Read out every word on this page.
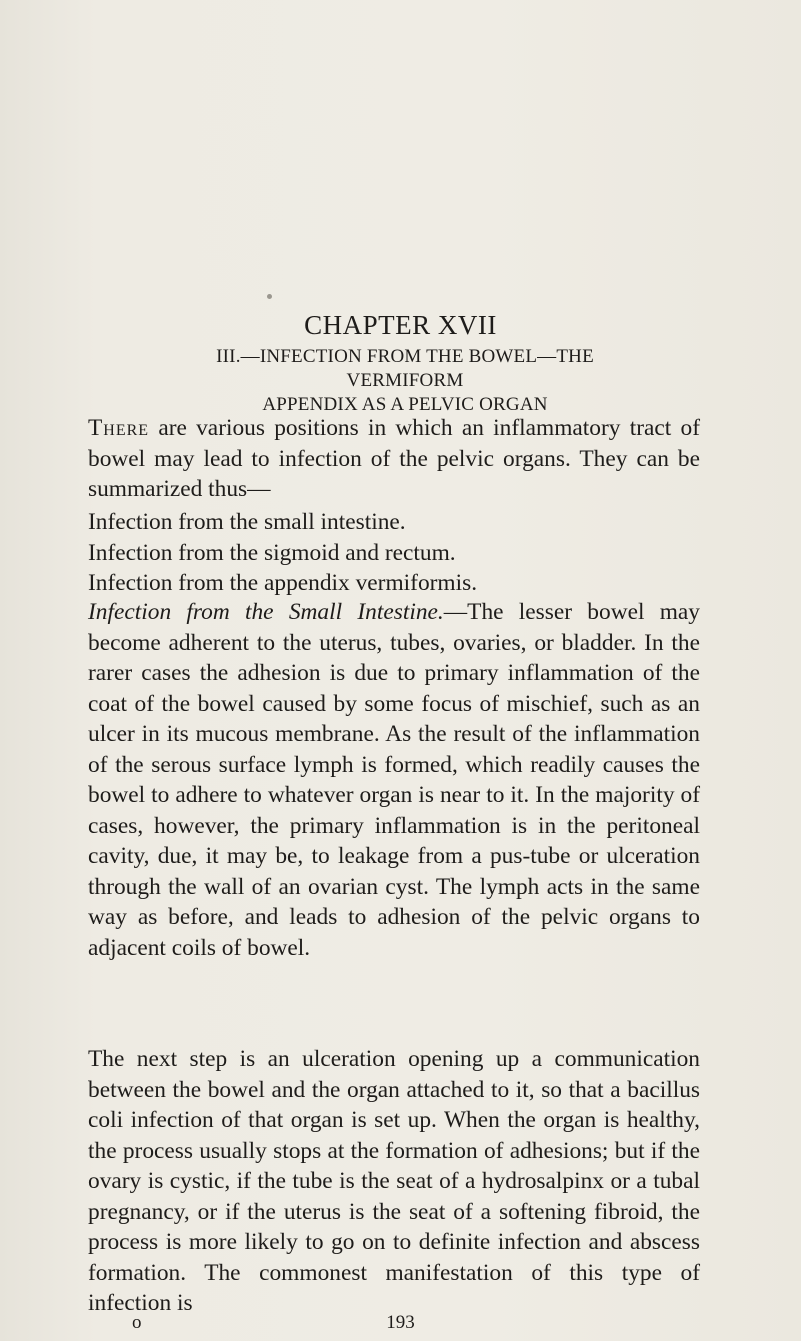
CHAPTER XVII
III.—INFECTION FROM THE BOWEL—THE VERMIFORM
APPENDIX AS A PELVIC ORGAN

There are various positions in which an inflammatory tract of bowel may lead to infection of the pelvic organs. They can be summarized thus—

Infection from the small intestine.
Infection from the sigmoid and rectum.
Infection from the appendix vermiformis.

Infection from the Small Intestine.—The lesser bowel may become adherent to the uterus, tubes, ovaries, or bladder. In the rarer cases the adhesion is due to primary inflammation of the coat of the bowel caused by some focus of mischief, such as an ulcer in its mucous membrane. As the result of the inflammation of the serous surface lymph is formed, which readily causes the bowel to adhere to whatever organ is near to it. In the majority of cases, however, the primary inflammation is in the peritoneal cavity, due, it may be, to leakage from a pus-tube or ulceration through the wall of an ovarian cyst. The lymph acts in the same way as before, and leads to adhesion of the pelvic organs to adjacent coils of bowel.

The next step is an ulceration opening up a communication between the bowel and the organ attached to it, so that a bacillus coli infection of that organ is set up. When the organ is healthy, the process usually stops at the formation of adhesions; but if the ovary is cystic, if the tube is the seat of a hydrosalpinx or a tubal pregnancy, or if the uterus is the seat of a softening fibroid, the process is more likely to go on to definite infection and abscess formation. The commonest manifestation of this type of infection is

o	193
